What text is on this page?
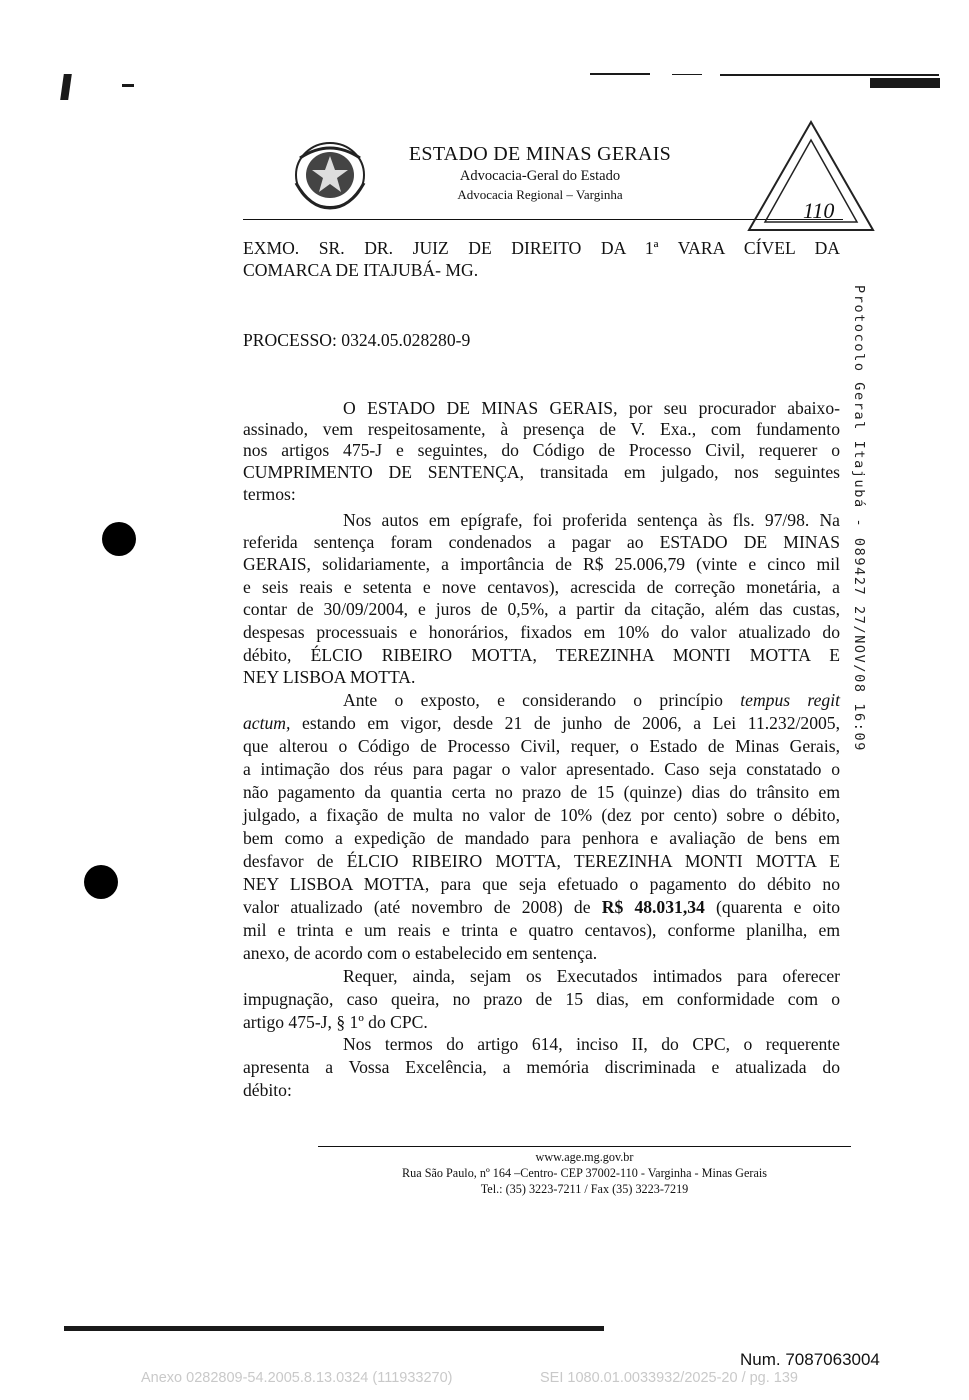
ESTADO DE MINAS GERAIS
Advocacia-Geral do Estado
Advocacia Regional – Varginha
110
Protocolo Geral Itajubá - 089427 27/NOV/08 16:09
EXMO. SR. DR. JUIZ DE DIREITO DA 1ª VARA CÍVEL DA
COMARCA DE ITAJUBÁ- MG.
PROCESSO: 0324.05.028280-9
O ESTADO DE MINAS GERAIS, por seu procurador abaixo-
assinado, vem respeitosamente, à presença de V. Exa., com fundamento
nos artigos 475-J e seguintes, do Código de Processo Civil, requerer o
CUMPRIMENTO DE SENTENÇA, transitada em julgado, nos seguintes
termos:
Nos autos em epígrafe, foi proferida sentença às fls. 97/98. Na
referida sentença foram condenados a pagar ao ESTADO DE MINAS
GERAIS, solidariamente, a importância de R$ 25.006,79 (vinte e cinco mil
e seis reais e setenta e nove centavos), acrescida de correção monetária, a
contar de 30/09/2004, e juros de 0,5%, a partir da citação, além das custas,
despesas processuais e honorários, fixados em 10% do valor atualizado do
débito, ÉLCIO RIBEIRO MOTTA, TEREZINHA MONTI MOTTA E
NEY LISBOA MOTTA.
Ante o exposto, e considerando o princípio tempus regit
actum, estando em vigor, desde 21 de junho de 2006, a Lei 11.232/2005,
que alterou o Código de Processo Civil, requer, o Estado de Minas Gerais,
a intimação dos réus para pagar o valor apresentado. Caso seja constatado o
não pagamento da quantia certa no prazo de 15 (quinze) dias do trânsito em
julgado, a fixação de multa no valor de 10% (dez por cento) sobre o débito,
bem como a expedição de mandado para penhora e avaliação de bens em
desfavor de ÉLCIO RIBEIRO MOTTA, TEREZINHA MONTI MOTTA E
NEY LISBOA MOTTA, para que seja efetuado o pagamento do débito no
valor atualizado (até novembro de 2008) de R$ 48.031,34 (quarenta e oito
mil e trinta e um reais e trinta e quatro centavos), conforme planilha, em
anexo, de acordo com o estabelecido em sentença.
Requer, ainda, sejam os Executados intimados para oferecer
impugnação, caso queira, no prazo de 15 dias, em conformidade com o
artigo 475-J, § 1º do CPC.
Nos termos do artigo 614, inciso II, do CPC, o requerente
apresenta a Vossa Excelência, a memória discriminada e atualizada do
débito:
www.age.mg.gov.br
Rua São Paulo, nº 164 –Centro- CEP 37002-110 - Varginha - Minas Gerais
Tel.: (35) 3223-7211 / Fax (35) 3223-7219
Num. 7087063004
Anexo 0282809-54.2005.8.13.0324 (111933270)	SEI 1080.01.0033932/2025-20 / pg. 139
